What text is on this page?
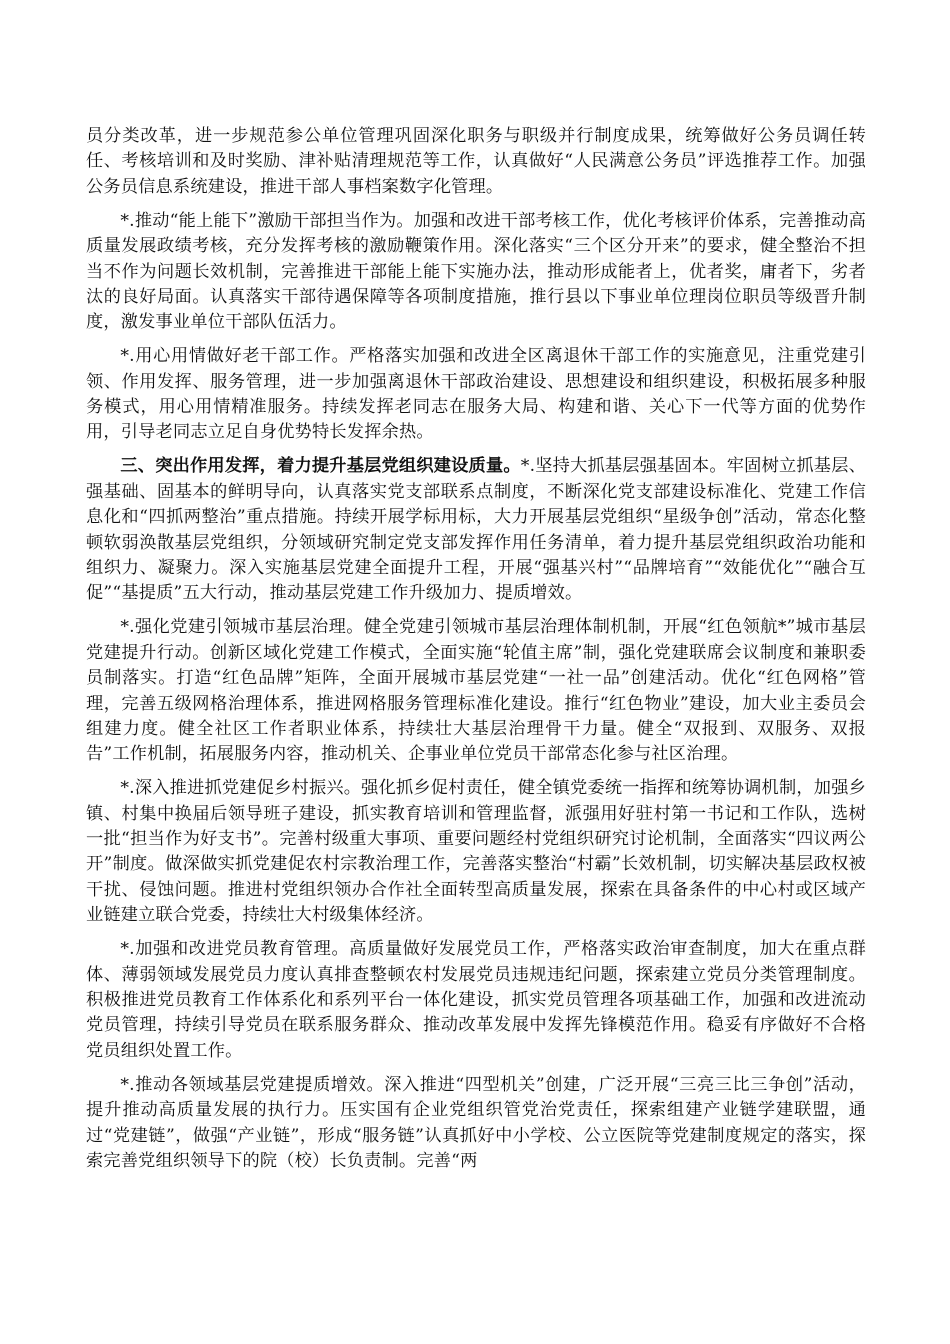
员分类改革，进一步规范参公单位管理巩固深化职务与职级并行制度成果，统筹做好公务员调任转任、考核培训和及时奖励、津补贴清理规范等工作，认真做好“人民满意公务员”评选推荐工作。加强公务员信息系统建设，推进干部人事档案数字化管理。

*.推动“能上能下”激励干部担当作为。加强和改进干部考核工作，优化考核评价体系，完善推动高质量发展政绩考核，充分发挥考核的激励鞭策作用。深化落实“三个区分开来”的要求，健全整治不担当不作为问题长效机制，完善推进干部能上能下实施办法，推动形成能者上，优者奖，庸者下，劣者汰的良好局面。认真落实干部待遇保障等各项制度措施，推行县以下事业单位理岗位职员等级晋升制度，激发事业单位干部队伍活力。

*.用心用情做好老干部工作。严格落实加强和改进全区离退休干部工作的实施意见，注重党建引领、作用发挥、服务管理，进一步加强离退休干部政治建设、思想建设和组织建设，积极拓展多种服务模式，用心用情精准服务。持续发挥老同志在服务大局、构建和谐、关心下一代等方面的优势作用，引导老同志立足自身优势特长发挥余热。

三、突出作用发挥，着力提升基层党组织建设质量。*.坚持大抓基层强基固本。牢固树立抓基层、强基础、固基本的鲜明导向，认真落实党支部联系点制度，不断深化党支部建设标准化、党建工作信息化和“四抓两整治”重点措施。持续开展学标用标，大力开展基层党组织“星级争创”活动，常态化整顿软弱涣散基层党组织，分领域研究制定党支部发挥作用任务清单，着力提升基层党组织政治功能和组织力、凝聚力。深入实施基层党建全面提升工程，开展“强基兴村”“品牌培育”“效能优化”“融合互促”“基提质”五大行动，推动基层党建工作升级加力、提质增效。

*.强化党建引领城市基层治理。健全党建引领城市基层治理体制机制，开展“红色领航*”城市基层党建提升行动。创新区域化党建工作模式，全面实施“轮值主席”制，强化党建联席会议制度和兼职委员制落实。打造“红色品牌”矩阵，全面开展城市基层党建“一社一品”创建活动。优化“红色网格”管理，完善五级网格治理体系，推进网格服务管理标准化建设。推行“红色物业”建设，加大业主委员会组建力度。健全社区工作者职业体系，持续壮大基层治理骨干力量。健全“双报到、双服务、双报告”工作机制，拓展服务内容，推动机关、企事业单位党员干部常态化参与社区治理。

*.深入推进抓党建促乡村振兴。强化抓乡促村责任，健全镇党委统一指挥和统筹协调机制，加强乡镇、村集中换届后领导班子建设，抓实教育培训和管理监督，派强用好驻村第一书记和工作队，选树一批“担当作为好支书”。完善村级重大事项、重要问题经村党组织研究讨论机制，全面落实“四议两公开”制度。做深做实抓党建促农村宗教治理工作，完善落实整治“村霸”长效机制，切实解决基层政权被干扰、侵蚀问题。推进村党组织领办合作社全面转型高质量发展，探索在具备条件的中心村或区域产业链建立联合党委，持续壮大村级集体经济。

*.加强和改进党员教育管理。高质量做好发展党员工作，严格落实政治审查制度，加大在重点群体、薄弱领域发展党员力度认真排查整顿农村发展党员违规违纪问题，探索建立党员分类管理制度。积极推进党员教育工作体系化和系列平台一体化建设，抓实党员管理各项基础工作，加强和改进流动党员管理，持续引导党员在联系服务群众、推动改革发展中发挥先锋模范作用。稳妥有序做好不合格党员组织处置工作。

*.推动各领域基层党建提质增效。深入推进“四型机关”创建，广泛开展“三亮三比三争创”活动，提升推动高质量发展的执行力。压实国有企业党组织管党治党责任，探索组建产业链学建联盟，通过“党建链”，做强“产业链”，形成“服务链”认真抓好中小学校、公立医院等党建制度规定的落实，探索完善党组织领导下的院（校）长负责制。完善“两
